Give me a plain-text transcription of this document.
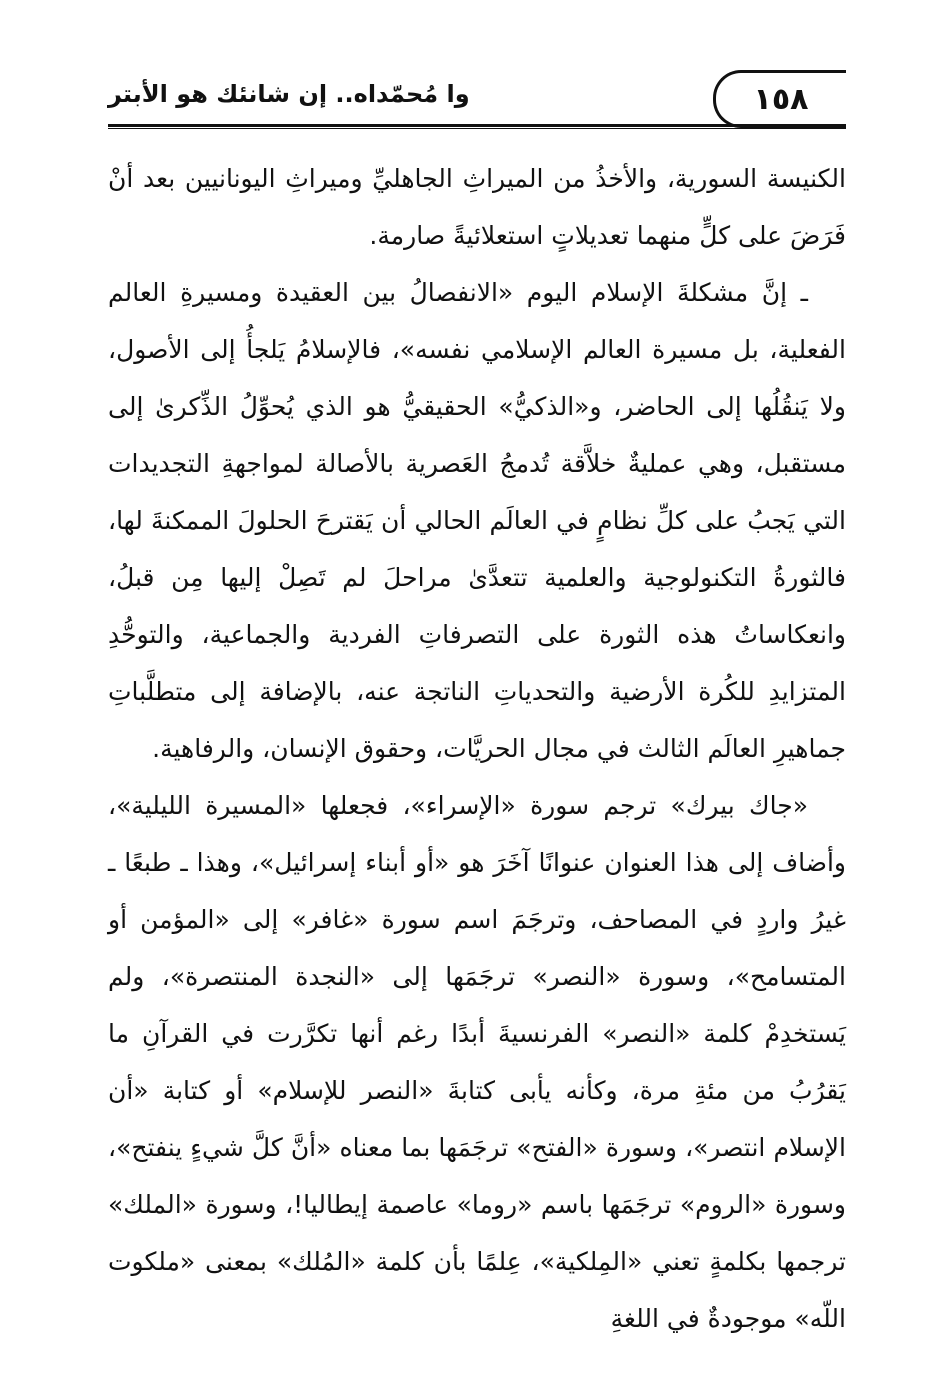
وا مُحمّداه.. إن شانئك هو الأبتر	١٥٨

الكنيسة السورية، والأخذُ من الميراثِ الجاهليِّ وميراثِ اليونانيين بعد أنْ فَرَضَ على كلٍّ منهما تعديلاتٍ استعلائيةً صارمة.

ـ إنَّ مشكلةَ الإسلام اليوم «الانفصالُ بين العقيدة ومسيرةِ العالم الفعلية، بل مسيرة العالم الإسلامي نفسه»، فالإسلامُ يَلجأُ إلى الأصول، ولا يَنقُلُها إلى الحاضر، و«الذكيُّ» الحقيقيُّ هو الذي يُحوِّلُ الذِّكرىٰ إلى مستقبل، وهي عمليةٌ خلاَّقة تُدمجُ العَصرية بالأصالة لمواجهةِ التجديدات التي يَجبُ على كلِّ نظامٍ في العالَم الحالي أن يَقترحَ الحلولَ الممكنةَ لها، فالثورةُ التكنولوجية والعلمية تتعدَّىٰ مراحلَ لم تَصِلْ إليها مِن قبلُ، وانعكاساتُ هذه الثورة على التصرفاتِ الفردية والجماعية، والتوحُّدِ المتزايدِ للكُرة الأرضية والتحدياتِ الناتجة عنه، بالإضافة إلى متطلَّباتِ جماهيرِ العالَم الثالث في مجال الحريَّات، وحقوق الإنسان، والرفاهية.

«جاك بيرك» ترجم سورة «الإسراء»، فجعلها «المسيرة الليلية»، وأضاف إلى هذا العنوان عنوانًا آخَرَ هو «أو أبناء إسرائيل»، وهذا ـ طبعًا ـ غيرُ واردٍ في المصاحف، وترجَمَ اسم سورة «غافر» إلى «المؤمن أو المتسامح»، وسورة «النصر» ترجَمَها إلى «النجدة المنتصرة»، ولم يَستخدِمْ كلمة «النصر» الفرنسيةَ أبدًا رغم أنها تكرَّرت في القرآنِ ما يَقرُبُ من مئةِ مرة، وكأنه يأبى كتابةَ «النصر للإسلام» أو كتابة «أن الإسلام انتصر»، وسورة «الفتح» ترجَمَها بما معناه «أنَّ كلَّ شيءٍ ينفتح»، وسورة «الروم» ترجَمَها باسم «روما» عاصمة إيطاليا!، وسورة «الملك» ترجمها بكلمةٍ تعني «المِلكية»، عِلمًا بأن كلمة «المُلك» بمعنى «ملكوت اللّه» موجودةٌ في اللغةِ
